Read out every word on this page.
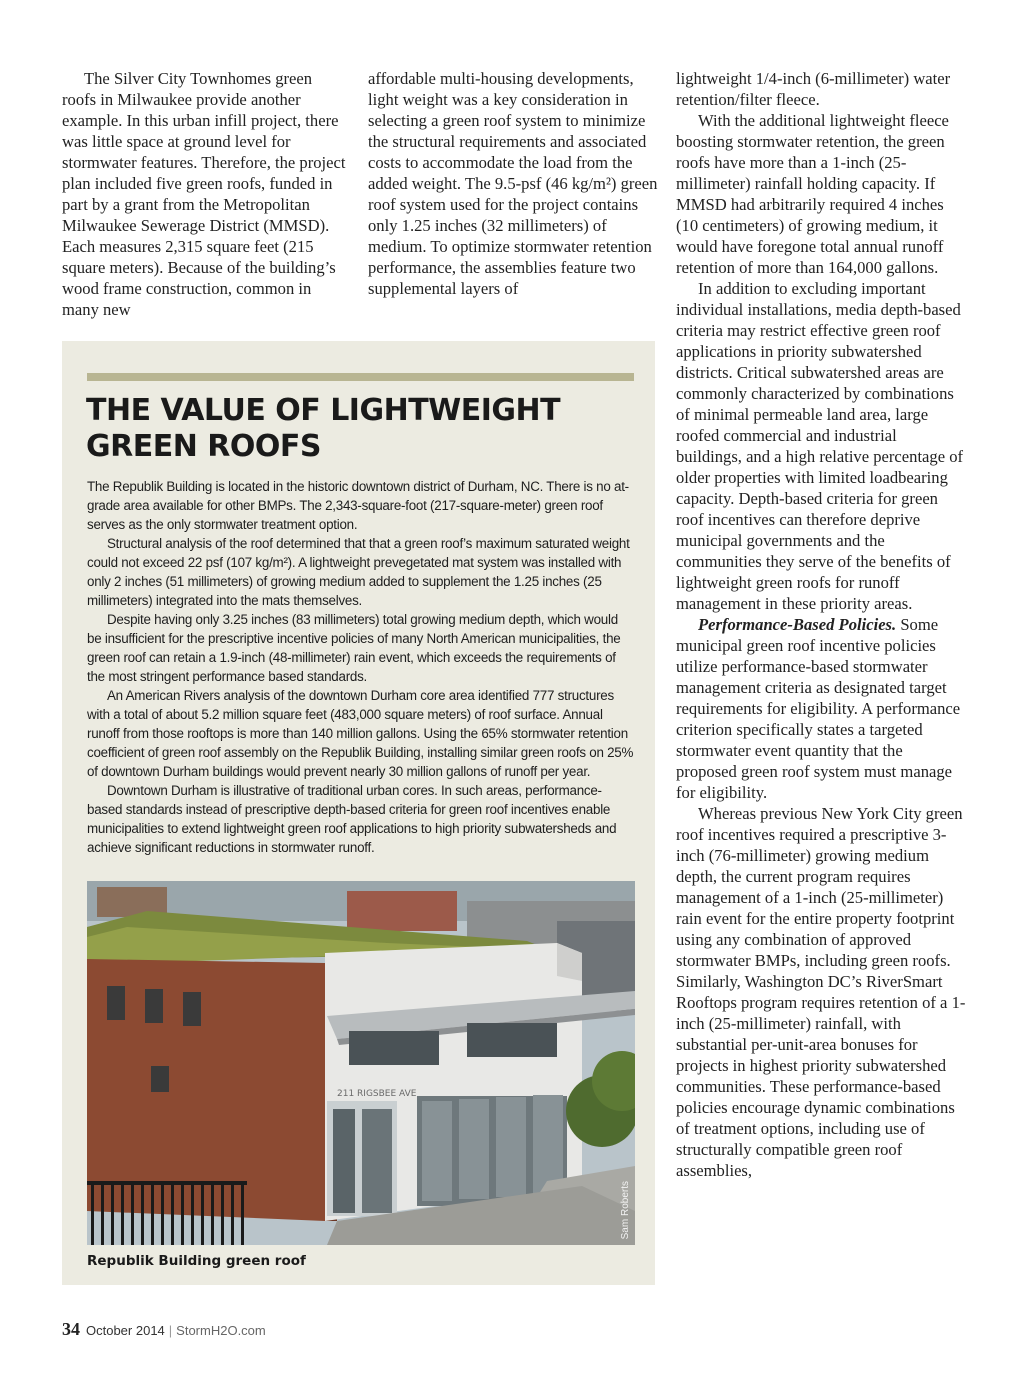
The Silver City Townhomes green roofs in Milwaukee provide another example. In this urban infill project, there was little space at ground level for stormwater features. Therefore, the project plan included five green roofs, funded in part by a grant from the Metropolitan Milwaukee Sewerage District (MMSD). Each measures 2,315 square feet (215 square meters). Because of the building’s wood frame construction, common in many new

affordable multi-housing developments, light weight was a key consideration in selecting a green roof system to minimize the structural requirements and associated costs to accommodate the load from the added weight. The 9.5-psf (46 kg/m²) green roof system used for the project contains only 1.25 inches (32 millimeters) of medium. To optimize stormwater retention performance, the assemblies feature two supplemental layers of

lightweight 1/4-inch (6-millimeter) water retention/filter fleece.

With the additional lightweight fleece boosting stormwater retention, the green roofs have more than a 1-inch (25-millimeter) rainfall holding capacity. If MMSD had arbitrarily required 4 inches (10 centimeters) of growing medium, it would have foregone total annual runoff retention of more than 164,000 gallons.

In addition to excluding important individual installations, media depth-based criteria may restrict effective green roof applications in priority subwatershed districts. Critical subwatershed areas are commonly characterized by combinations of minimal permeable land area, large roofed commercial and industrial buildings, and a high relative percentage of older properties with limited loadbearing capacity. Depth-based criteria for green roof incentives can therefore deprive municipal governments and the communities they serve of the benefits of lightweight green roofs for runoff management in these priority areas.

Performance-Based Policies. Some municipal green roof incentive policies utilize performance-based stormwater management criteria as designated target requirements for eligibility. A performance criterion specifically states a targeted stormwater event quantity that the proposed green roof system must manage for eligibility.

Whereas previous New York City green roof incentives required a prescriptive 3-inch (76-millimeter) growing medium depth, the current program requires management of a 1-inch (25-millimeter) rain event for the entire property footprint using any combination of approved stormwater BMPs, including green roofs. Similarly, Washington DC’s RiverSmart Rooftops program requires retention of a 1-inch (25-millimeter) rainfall, with substantial per-unit-area bonuses for projects in highest priority subwatershed communities. These performance-based policies encourage dynamic combinations of treatment options, including use of structurally compatible green roof assemblies,

THE VALUE OF LIGHTWEIGHT GREEN ROOFS

The Republik Building is located in the historic downtown district of Durham, NC. There is no at-grade area available for other BMPs. The 2,343-square-foot (217-square-meter) green roof serves as the only stormwater treatment option.

Structural analysis of the roof determined that that a green roof’s maximum saturated weight could not exceed 22 psf (107 kg/m²). A lightweight prevegetated mat system was installed with only 2 inches (51 millimeters) of growing medium added to supplement the 1.25 inches (25 millimeters) integrated into the mats themselves.

Despite having only 3.25 inches (83 millimeters) total growing medium depth, which would be insufficient for the prescriptive incentive policies of many North American municipalities, the green roof can retain a 1.9-inch (48-millimeter) rain event, which exceeds the requirements of the most stringent performance based standards.

An American Rivers analysis of the downtown Durham core area identified 777 structures with a total of about 5.2 million square feet (483,000 square meters) of roof surface. Annual runoff from those rooftops is more than 140 million gallons. Using the 65% stormwater retention coefficient of green roof assembly on the Republik Building, installing similar green roofs on 25% of downtown Durham buildings would prevent nearly 30 million gallons of runoff per year.

Downtown Durham is illustrative of traditional urban cores. In such areas, performance-based standards instead of prescriptive depth-based criteria for green roof incentives enable municipalities to extend lightweight green roof applications to high priority subwatersheds and achieve significant reductions in stormwater runoff.

211 RIGSBEE AVE
Sam Roberts
Republik Building green roof
34 October 2014 | StormH2O.com
